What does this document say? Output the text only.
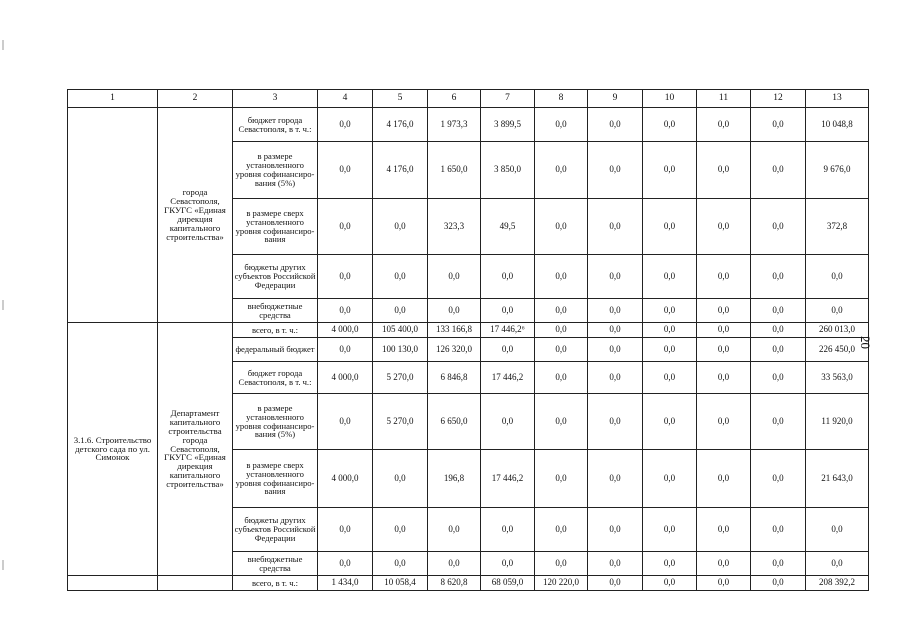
1	2	3	4	5	6	7	8	9	10	11	12	13
	города Севастополя, ГКУГС «Единая дирекция капитального строительства»	бюджет города Севастополя, в т. ч.:	0,0	4 176,0	1 973,3	3 899,5	0,0	0,0	0,0	0,0	0,0	10 048,8
		в размере установленного уровня софинансиро-вания (5%)	0,0	4 176,0	1 650,0	3 850,0	0,0	0,0	0,0	0,0	0,0	9 676,0
		в размере сверх установленного уровня софинансиро-вания	0,0	0,0	323,3	49,5	0,0	0,0	0,0	0,0	0,0	372,8
		бюджеты других субъектов Российской Федерации	0,0	0,0	0,0	0,0	0,0	0,0	0,0	0,0	0,0	0,0
		внебюджетные средства	0,0	0,0	0,0	0,0	0,0	0,0	0,0	0,0	0,0	0,0
3.1.6. Строительство детского сада по ул. Симонок	Департамент капитального строительства города Севастополя, ГКУГС «Единая дирекция капитального строительства»	всего, в т. ч.:	4 000,0	105 400,0	133 166,8	17 446,2⁶	0,0	0,0	0,0	0,0	0,0	260 013,0
		федеральный бюджет	0,0	100 130,0	126 320,0	0,0	0,0	0,0	0,0	0,0	0,0	226 450,0
		бюджет города Севастополя, в т. ч.:	4 000,0	5 270,0	6 846,8	17 446,2	0,0	0,0	0,0	0,0	0,0	33 563,0
		в размере установленного уровня софинансиро-вания (5%)	0,0	5 270,0	6 650,0	0,0	0,0	0,0	0,0	0,0	0,0	11 920,0
		в размере сверх установленного уровня софинансиро-вания	4 000,0	0,0	196,8	17 446,2	0,0	0,0	0,0	0,0	0,0	21 643,0
		бюджеты других субъектов Российской Федерации	0,0	0,0	0,0	0,0	0,0	0,0	0,0	0,0	0,0	0,0
		внебюджетные средства	0,0	0,0	0,0	0,0	0,0	0,0	0,0	0,0	0,0	0,0
		всего, в т. ч.:	1 434,0	10 058,4	8 620,8	68 059,0	120 220,0	0,0	0,0	0,0	0,0	208 392,2
20
